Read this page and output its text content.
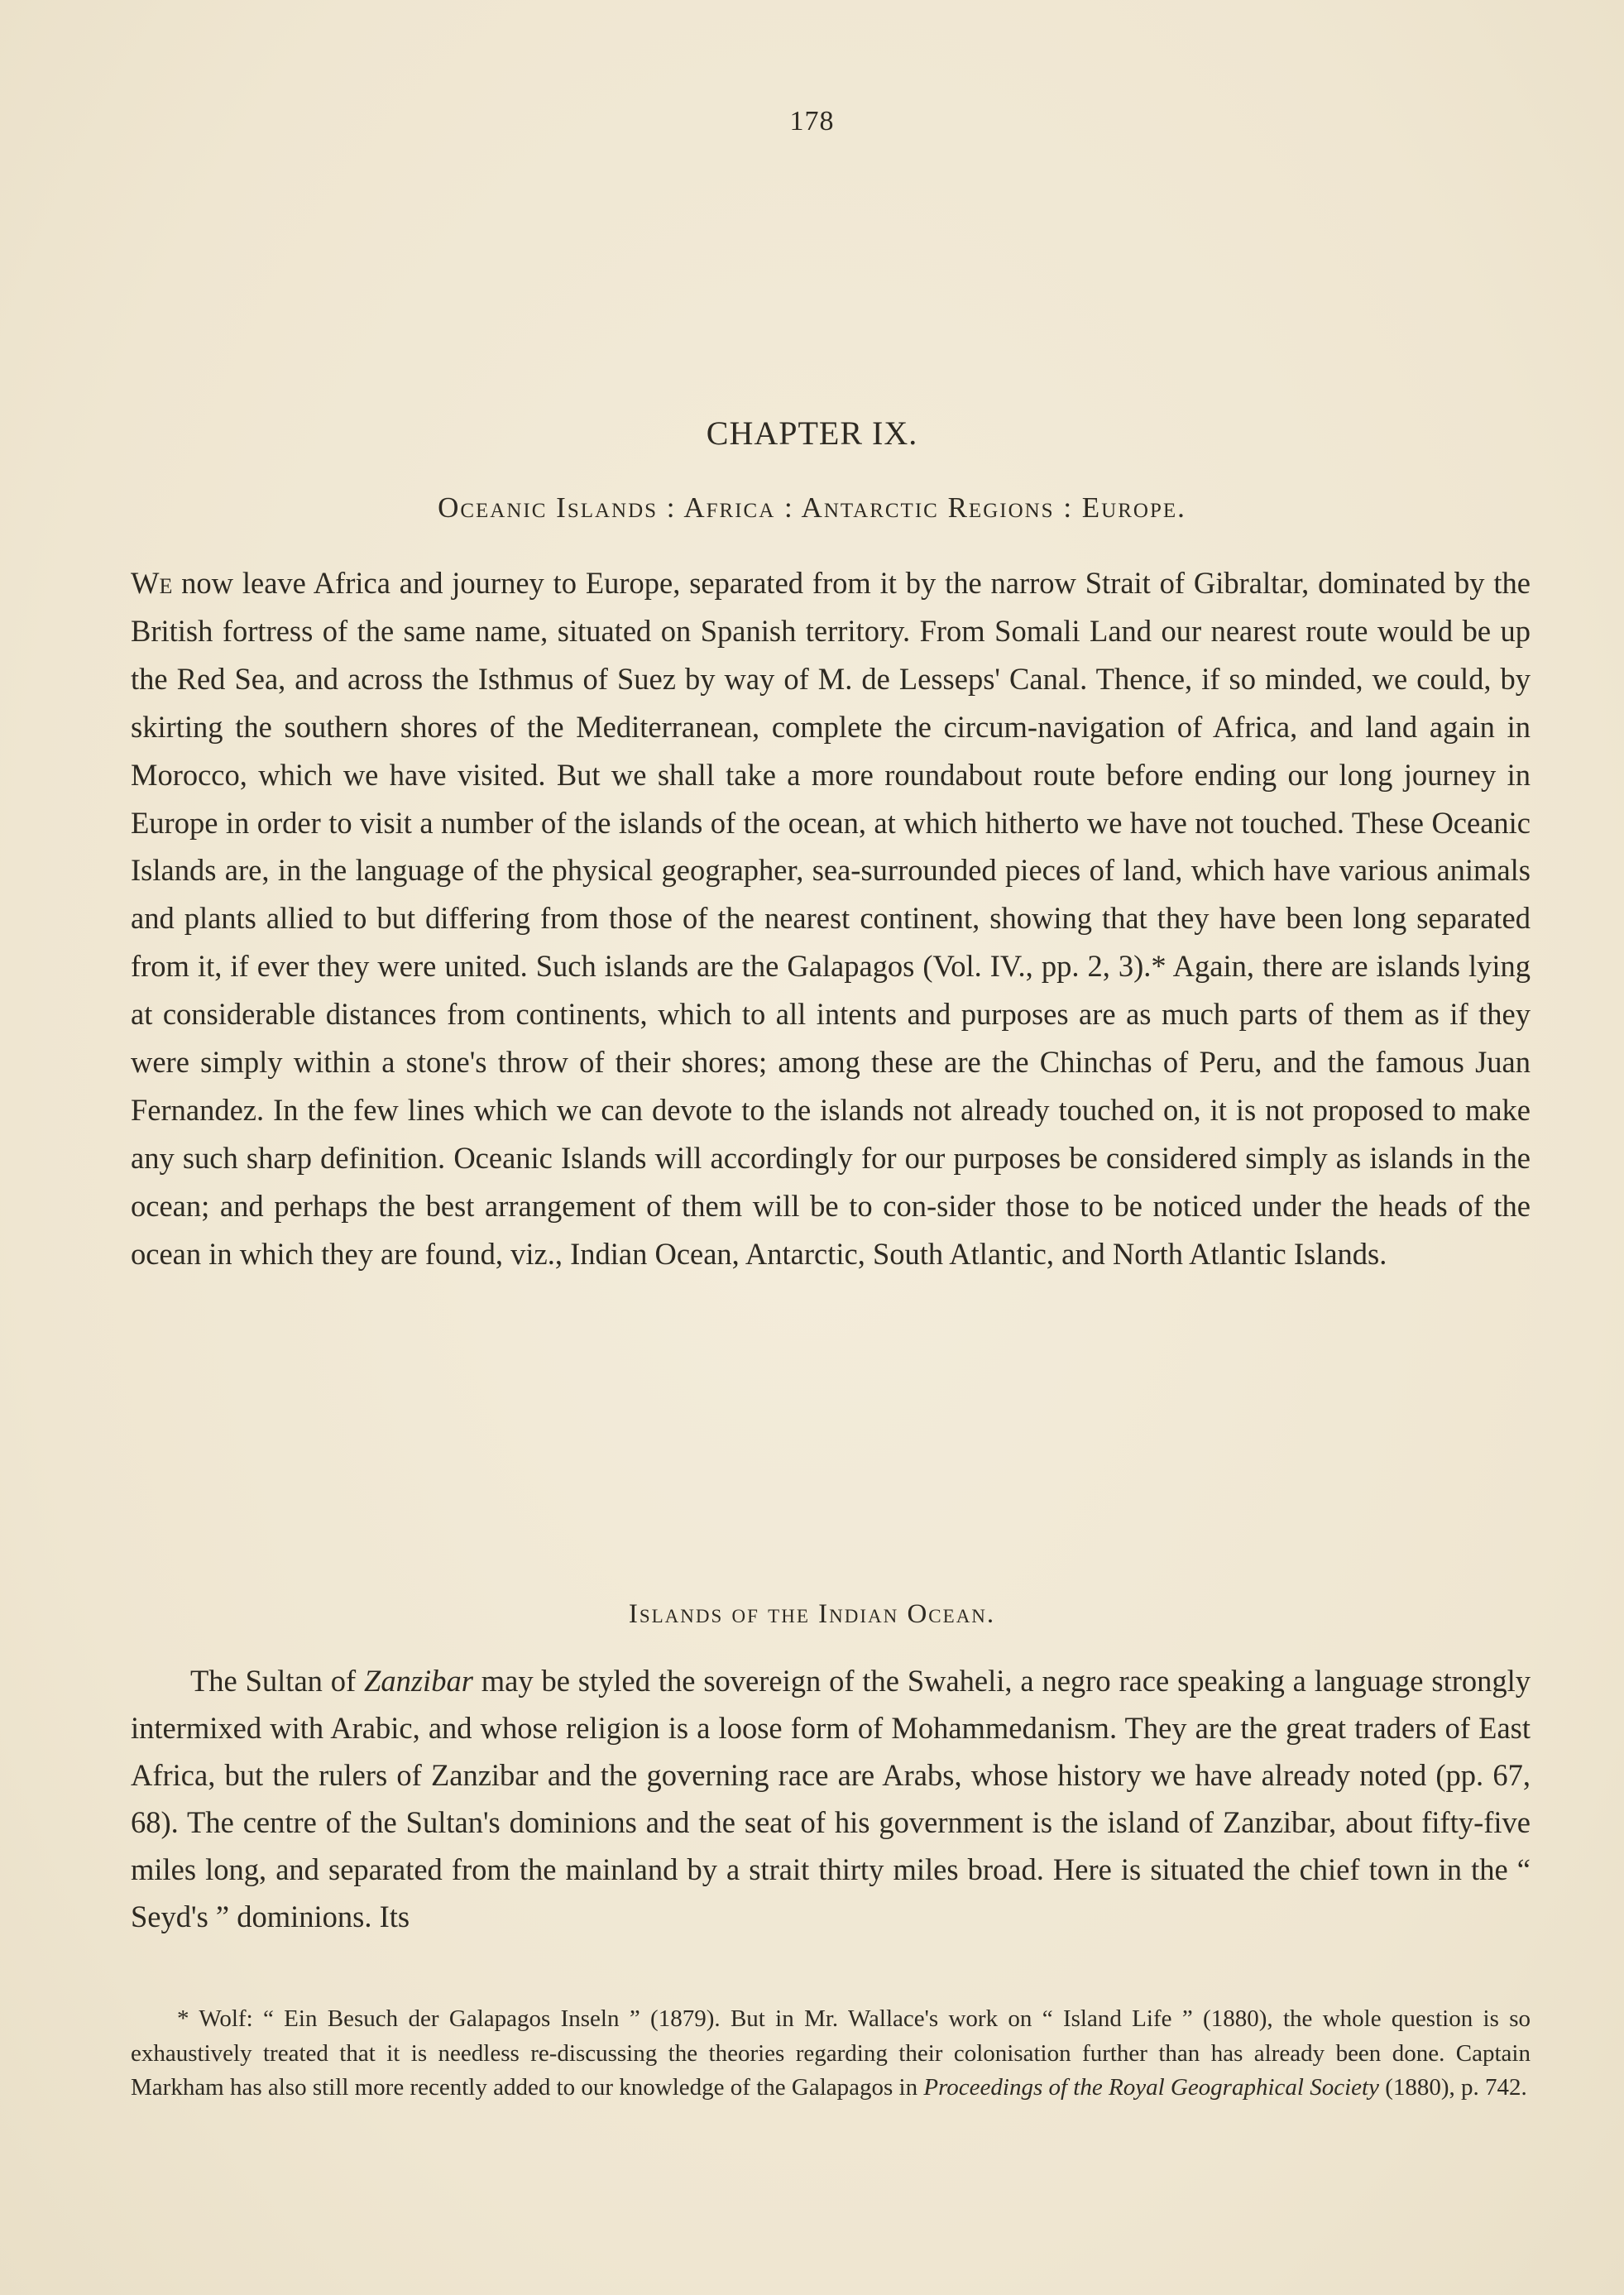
178
CHAPTER IX.
Oceanic Islands : Africa : Antarctic Regions : Europe.

We now leave Africa and journey to Europe, separated from it by the narrow Strait of Gibraltar, dominated by the British fortress of the same name, situated on Spanish territory. From Somali Land our nearest route would be up the Red Sea, and across the Isthmus of Suez by way of M. de Lesseps' Canal. Thence, if so minded, we could, by skirting the southern shores of the Mediterranean, complete the circum-navigation of Africa, and land again in Morocco, which we have visited. But we shall take a more roundabout route before ending our long journey in Europe in order to visit a number of the islands of the ocean, at which hitherto we have not touched. These Oceanic Islands are, in the language of the physical geographer, sea-surrounded pieces of land, which have various animals and plants allied to but differing from those of the nearest continent, showing that they have been long separated from it, if ever they were united. Such islands are the Galapagos (Vol. IV., pp. 2, 3).* Again, there are islands lying at considerable distances from continents, which to all intents and purposes are as much parts of them as if they were simply within a stone's throw of their shores; among these are the Chinchas of Peru, and the famous Juan Fernandez. In the few lines which we can devote to the islands not already touched on, it is not proposed to make any such sharp definition. Oceanic Islands will accordingly for our purposes be considered simply as islands in the ocean; and perhaps the best arrangement of them will be to con-sider those to be noticed under the heads of the ocean in which they are found, viz., Indian Ocean, Antarctic, South Atlantic, and North Atlantic Islands.

Islands of the Indian Ocean.

The Sultan of Zanzibar may be styled the sovereign of the Swaheli, a negro race speaking a language strongly intermixed with Arabic, and whose religion is a loose form of Mohammedanism. They are the great traders of East Africa, but the rulers of Zanzibar and the governing race are Arabs, whose history we have already noted (pp. 67, 68). The centre of the Sultan's dominions and the seat of his government is the island of Zanzibar, about fifty-five miles long, and separated from the mainland by a strait thirty miles broad. Here is situated the chief town in the “ Seyd's ” dominions. Its

* Wolf: “ Ein Besuch der Galapagos Inseln ” (1879). But in Mr. Wallace's work on “ Island Life ” (1880), the whole question is so exhaustively treated that it is needless re-discussing the theories regarding their colonisation further than has already been done. Captain Markham has also still more recently added to our knowledge of the Galapagos in Proceedings of the Royal Geographical Society (1880), p. 742.
